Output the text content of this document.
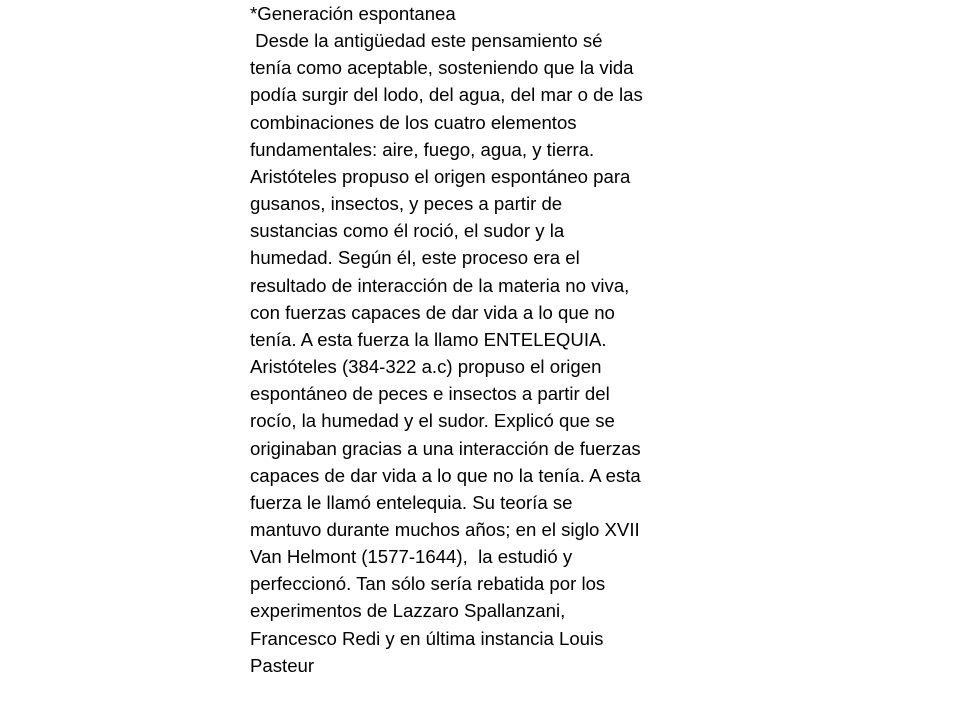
*Generación espontanea
Desde la antigüedad este pensamiento sé
tenía como aceptable, sosteniendo que la vida
podía surgir del lodo, del agua, del mar o de las
combinaciones de los cuatro elementos
fundamentales: aire, fuego, agua, y tierra.
Aristóteles propuso el origen espontáneo para
gusanos, insectos, y peces a partir de
sustancias como él roció, el sudor y la
humedad. Según él, este proceso era el
resultado de interacción de la materia no viva,
con fuerzas capaces de dar vida a lo que no
tenía. A esta fuerza la llamo ENTELEQUIA.
Aristóteles (384-322 a.c) propuso el origen
espontáneo de peces e insectos a partir del
rocío, la humedad y el sudor. Explicó que se
originaban gracias a una interacción de fuerzas
capaces de dar vida a lo que no la tenía. A esta
fuerza le llamó entelequia. Su teoría se
mantuvo durante muchos años; en el siglo XVII
Van Helmont (1577-1644),  la estudió y
perfeccionó. Tan sólo sería rebatida por los
experimentos de Lazzaro Spallanzani,
Francesco Redi y en última instancia Louis
Pasteur
